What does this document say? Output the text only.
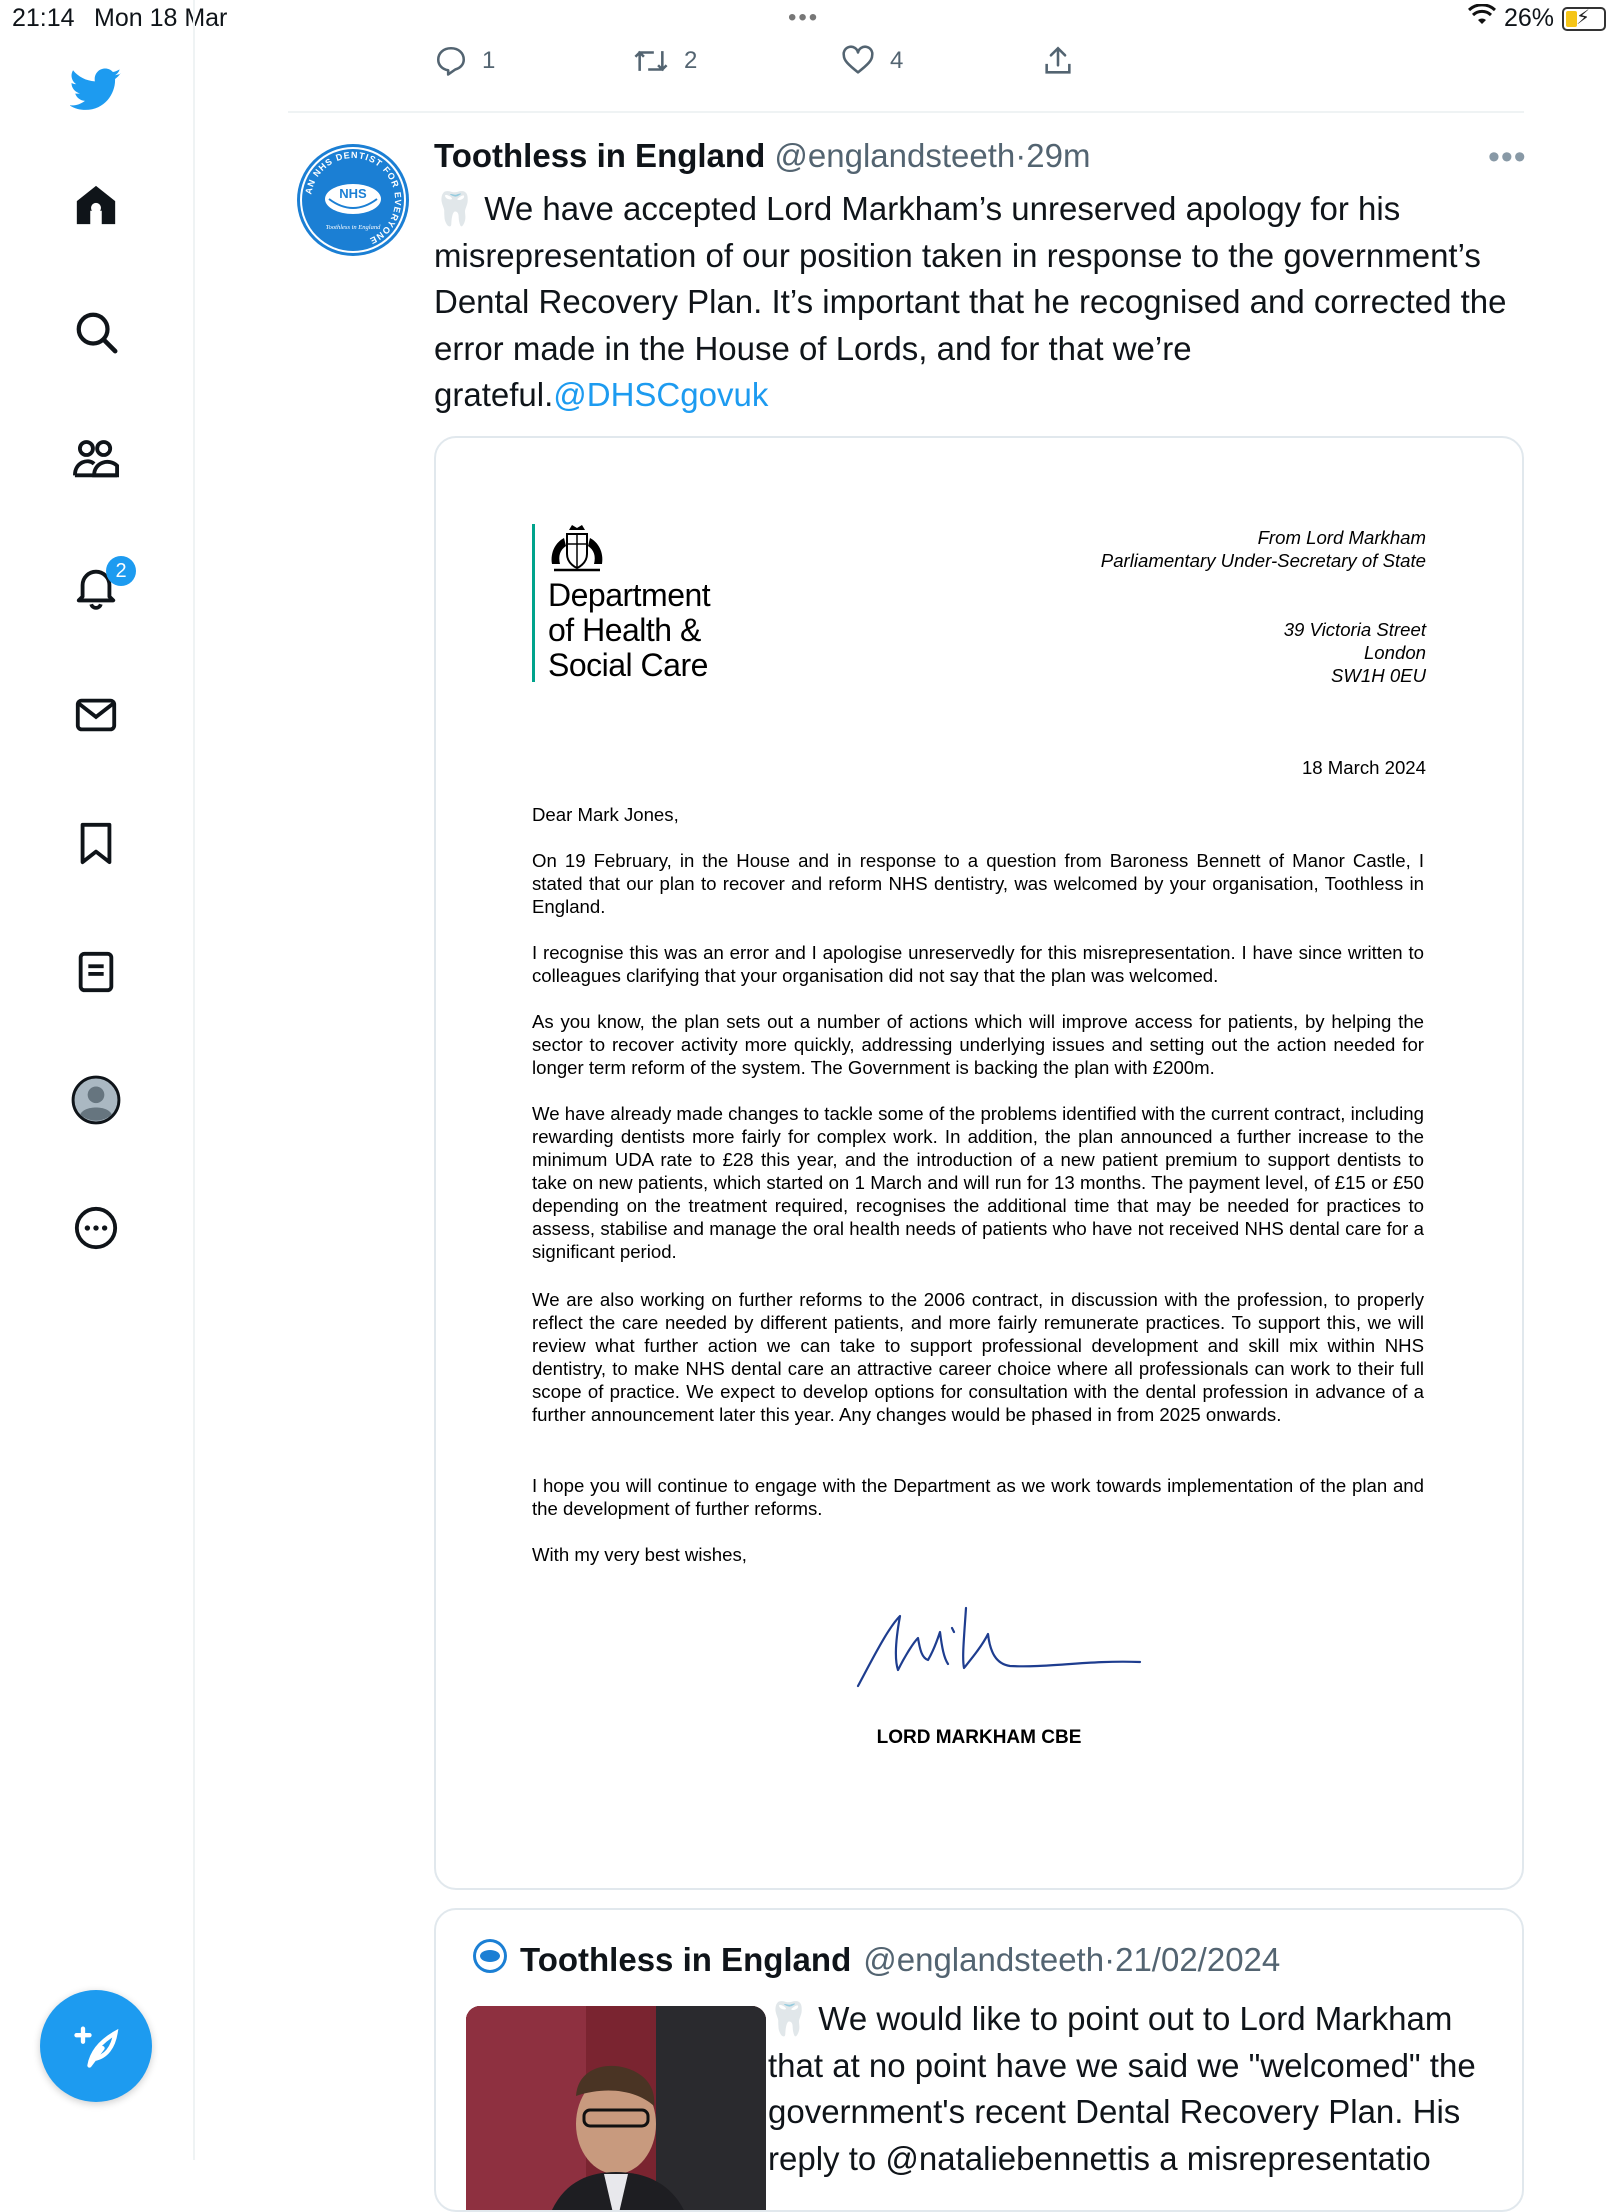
21:14 Mon 18 Mar	•••	26% ⚡
2
1	2	4
AN NHS DENTIST FOR EVERYONE
NHS
Toothless in England
Toothless in England @englandsteeth·29m	•••
🦷 We have accepted Lord Markham’s unreserved apology for his misrepresentation of our position taken in response to the government’s Dental Recovery Plan. It’s important that he recognised and corrected the error made in the House of Lords, and for that we’re grateful.@DHSCgovuk
Department
of Health &
Social Care
From Lord Markham
Parliamentary Under-Secretary of State
39 Victoria Street
London
SW1H 0EU
18 March 2024
Dear Mark Jones,
On 19 February, in the House and in response to a question from Baroness Bennett of Manor Castle, I stated that our plan to recover and reform NHS dentistry, was welcomed by your organisation, Toothless in England.
I recognise this was an error and I apologise unreservedly for this misrepresentation. I have since written to colleagues clarifying that your organisation did not say that the plan was welcomed.
As you know, the plan sets out a number of actions which will improve access for patients, by helping the sector to recover activity more quickly, addressing underlying issues and setting out the action needed for longer term reform of the system. The Government is backing the plan with £200m.
We have already made changes to tackle some of the problems identified with the current contract, including rewarding dentists more fairly for complex work. In addition, the plan announced a further increase to the minimum UDA rate to £28 this year, and the introduction of a new patient premium to support dentists to take on new patients, which started on 1 March and will run for 13 months. The payment level, of £15 or £50 depending on the treatment required, recognises the additional time that may be needed for practices to assess, stabilise and manage the oral health needs of patients who have not received NHS dental care for a significant period.
We are also working on further reforms to the 2006 contract, in discussion with the profession, to properly reflect the care needed by different patients, and more fairly remunerate practices. To support this, we will review what further action we can take to support professional development and skill mix within NHS dentistry, to make NHS dental care an attractive career choice where all professionals can work to their full scope of practice. We expect to develop options for consultation with the dental profession in advance of a further announcement later this year. Any changes would be phased in from 2025 onwards.
I hope you will continue to engage with the Department as we work towards implementation of the plan and the development of further reforms.
With my very best wishes,
LORD MARKHAM CBE
Toothless in England @englandsteeth·21/02/2024
🦷 We would like to point out to Lord Markham that at no point have we said we "welcomed" the government's recent Dental Recovery Plan. His reply to @nataliebennettis a misrepresentatio
